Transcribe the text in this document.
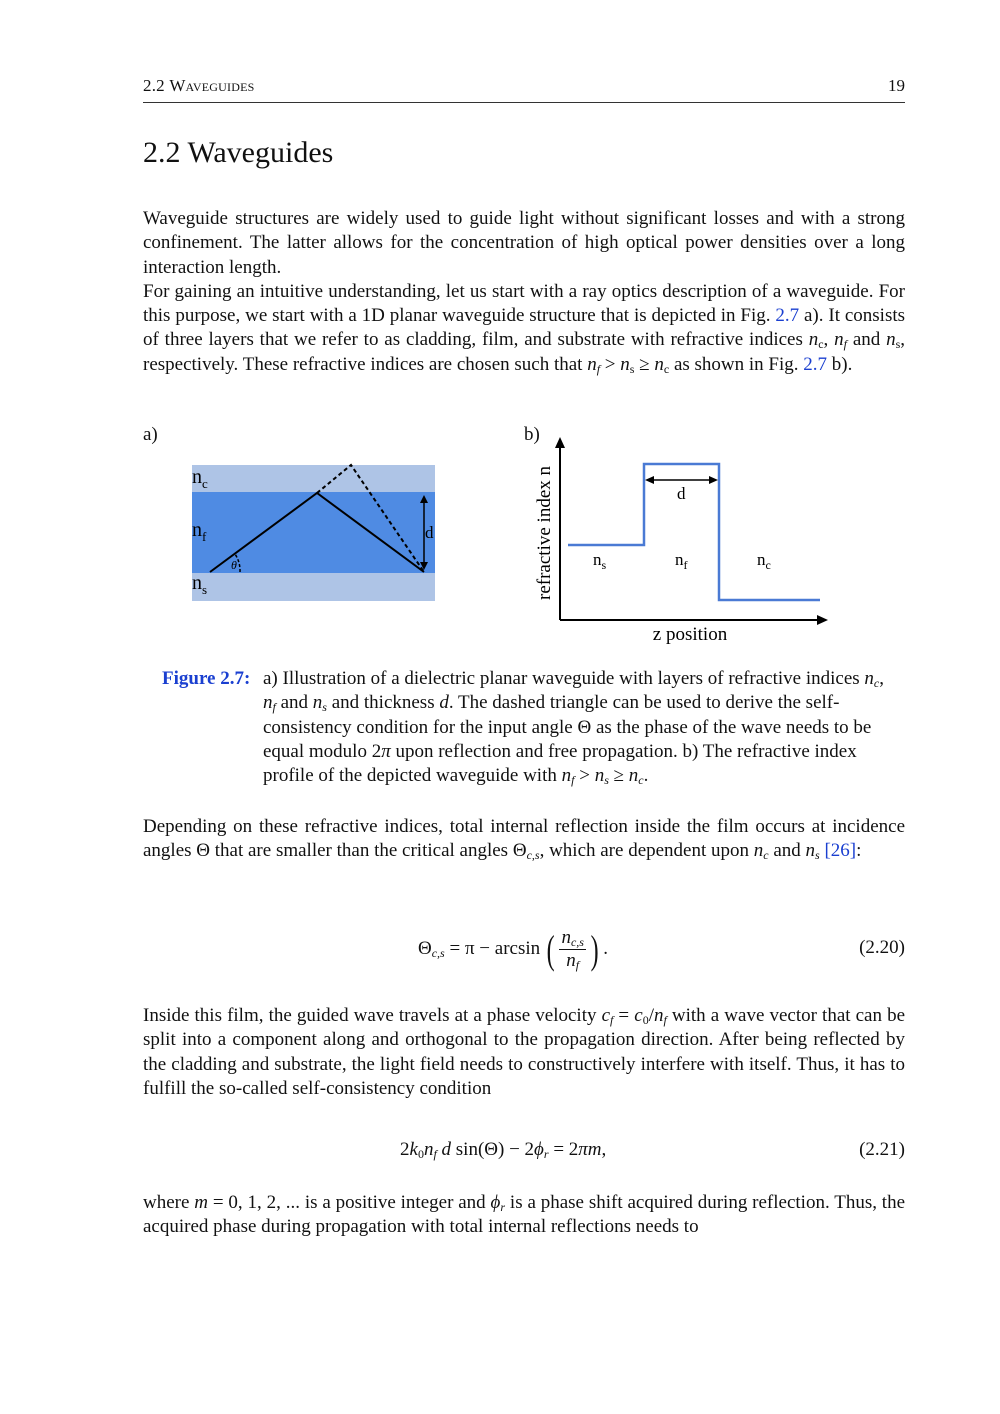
2.2 Waveguides	19
2.2 Waveguides

Waveguide structures are widely used to guide light without significant losses and with a strong confinement. The latter allows for the concentration of high optical power densities over a long interaction length.

For gaining an intuitive understanding, let us start with a ray optics description of a waveguide. For this purpose, we start with a 1D planar waveguide structure that is depicted in Fig. 2.7 a). It consists of three layers that we refer to as cladding, film, and substrate with refractive indices $n_c$, $n_f$ and $n_s$, respectively. These refractive indices are chosen such that $n_f > n_s \ge n_c$ as shown in Fig. 2.7 b).

a)	b)
θ
d
$n_c$
$n_f$
$n_s$
d
$n_s$	$n_f$	$n_c$
z position
refractive index n
Figure 2.7: a) Illustration of a dielectric planar waveguide with layers of refractive indices $n_c$, $n_f$ and $n_s$ and thickness d. The dashed triangle can be used to derive the self-consistency condition for the input angle Θ as the phase of the wave needs to be equal modulo 2π upon reflection and free propagation. b) The refractive index profile of the depicted waveguide with $n_f > n_s \ge n_c$.
Depending on these refractive indices, total internal reflection inside the film occurs at incidence angles Θ that are smaller than the critical angles $\Theta_{c,s}$, which are dependent upon $n_c$ and $n_s$ [26]:
$\Theta_{c,s} = \pi - \arcsin$ ( $n_{c,s}$
$n_f$ ) .	(2.20)
Inside this film, the guided wave travels at a phase velocity $c_f = c_0/n_f$ with a wave vector that can be split into a component along and orthogonal to the propagation direction. After being reflected by the cladding and substrate, the light field needs to constructively interfere with itself. Thus, it has to fulfill the so-called self-consistency condition
$2k_0n_f$ d $\sin(\Theta) - 2\phi_r = 2\pi m$,	(2.21)
where m = 0, 1, 2, ... is a positive integer and $\phi_r$ is a phase shift acquired during reflection. Thus, the acquired phase during propagation with total internal reflections needs to
